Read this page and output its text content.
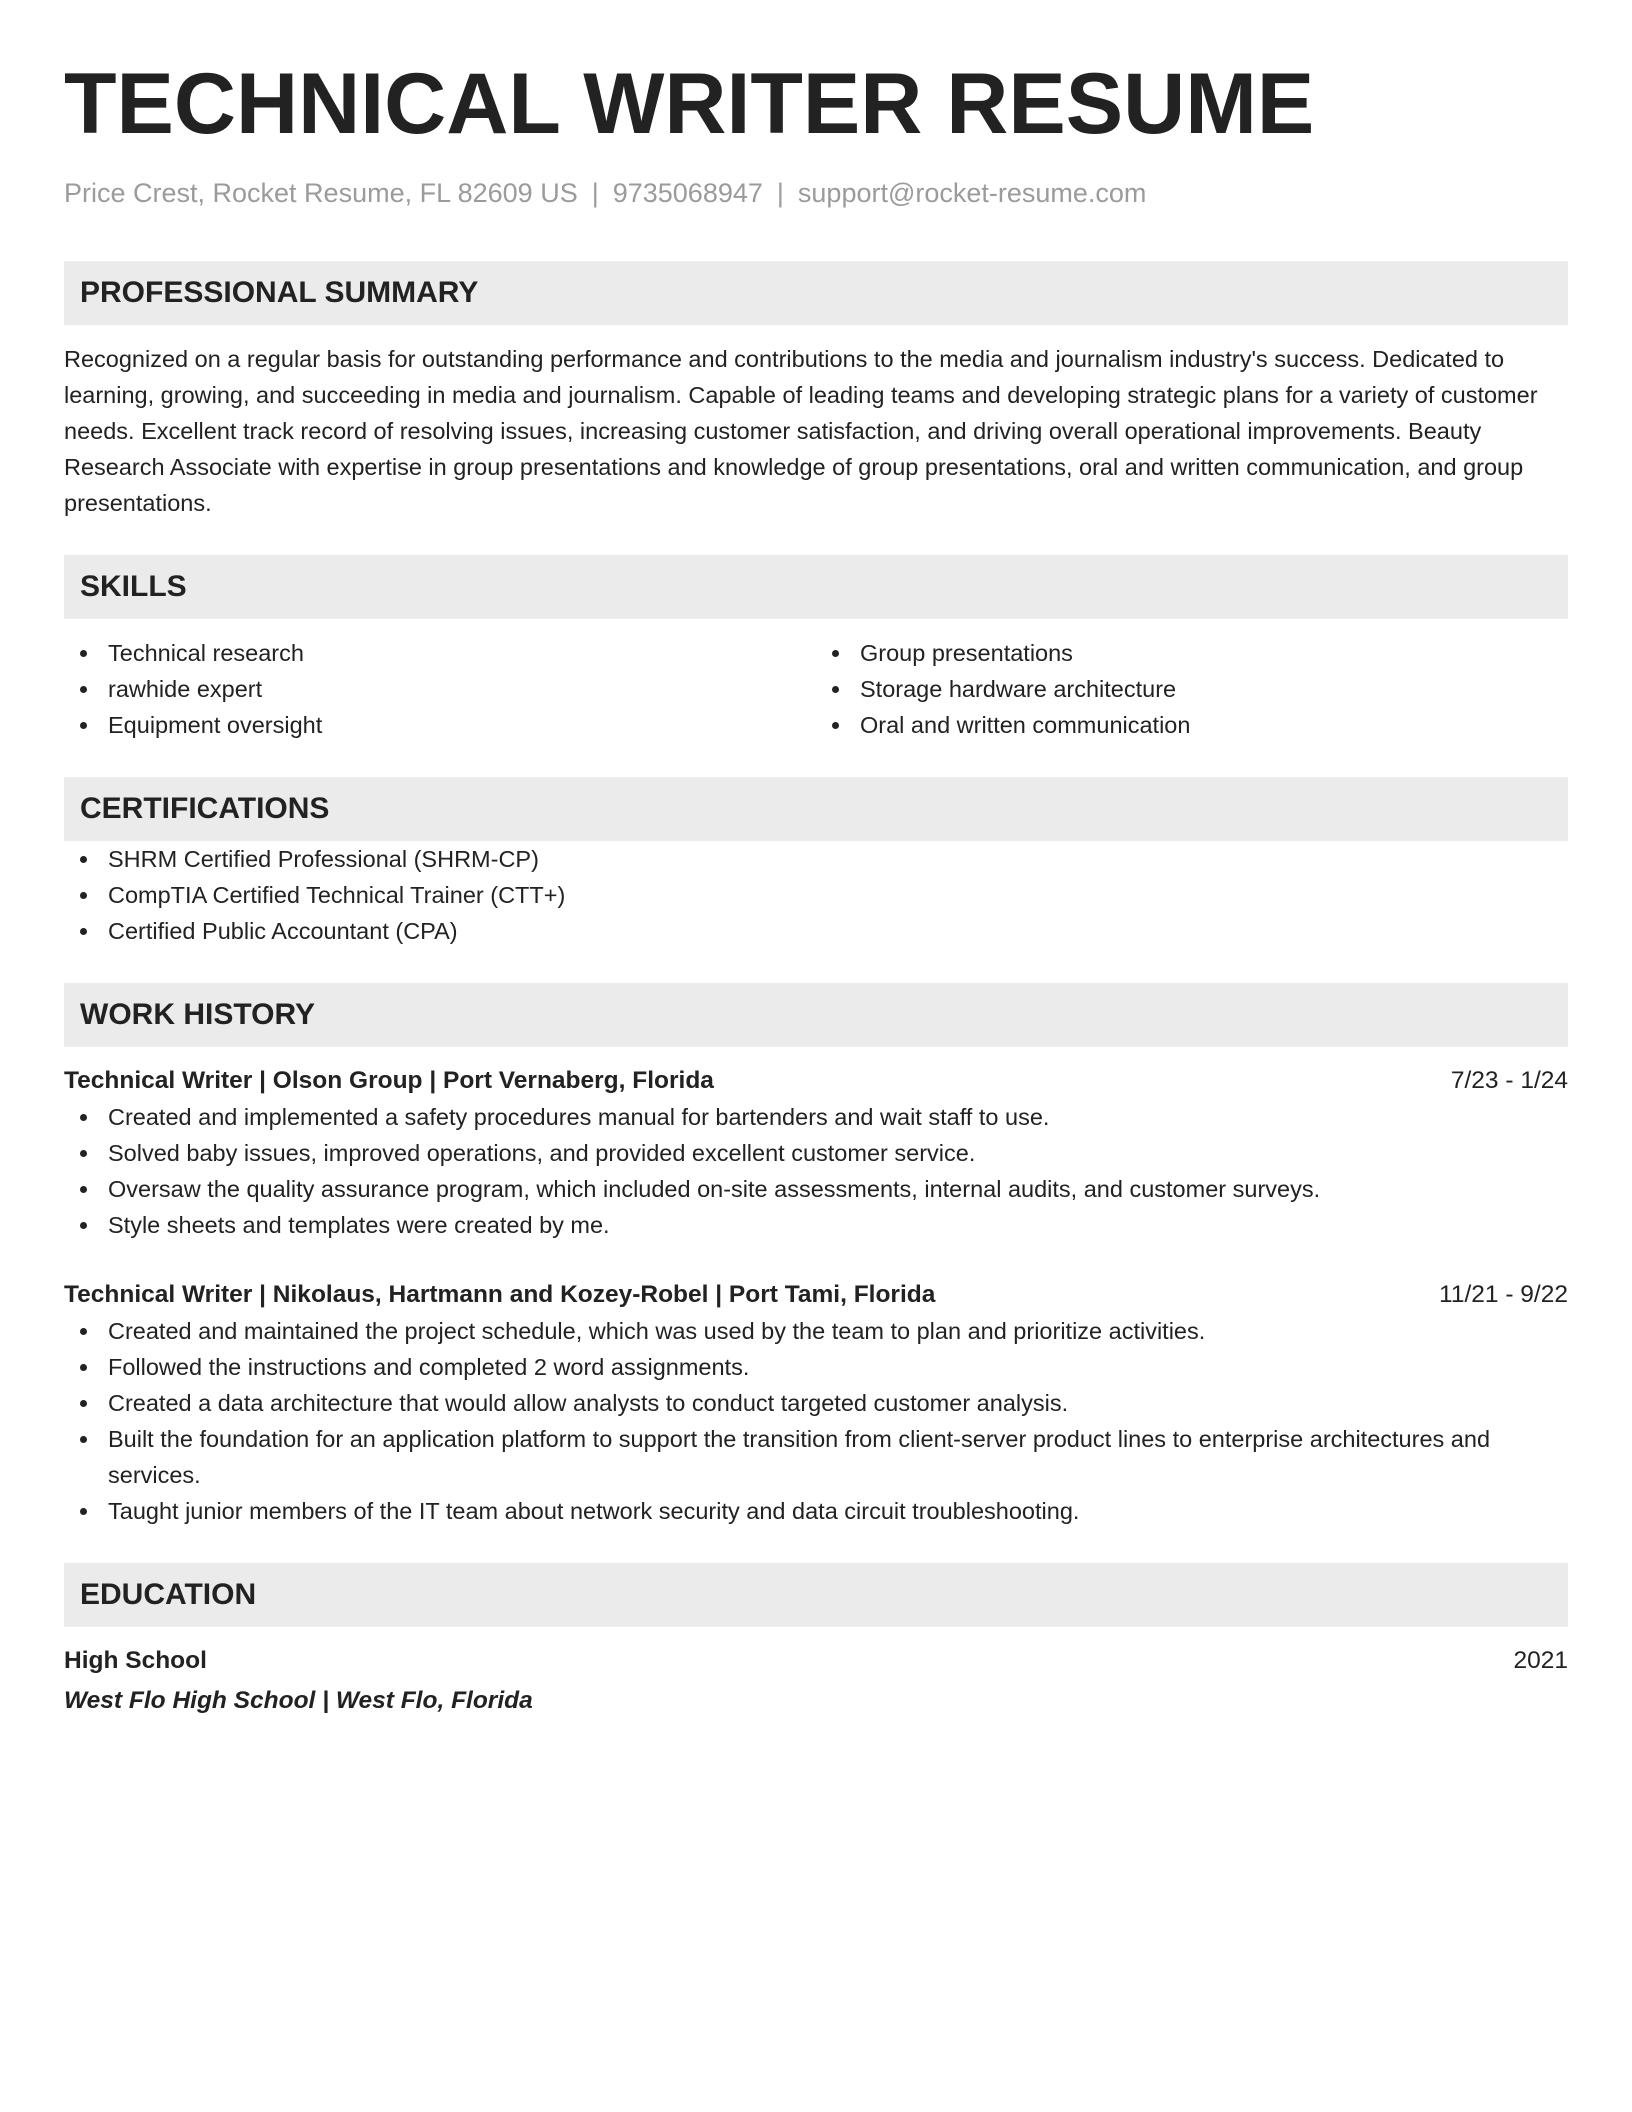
TECHNICAL WRITER RESUME
Price Crest, Rocket Resume, FL 82609 US | 9735068947 | support@rocket-resume.com
PROFESSIONAL SUMMARY

Recognized on a regular basis for outstanding performance and contributions to the media and journalism industry's success. Dedicated to learning, growing, and succeeding in media and journalism. Capable of leading teams and developing strategic plans for a variety of customer needs. Excellent track record of resolving issues, increasing customer satisfaction, and driving overall operational improvements. Beauty Research Associate with expertise in group presentations and knowledge of group presentations, oral and written communication, and group presentations.

SKILLS
Technical research
rawhide expert
Equipment oversight
Group presentations
Storage hardware architecture
Oral and written communication
CERTIFICATIONS
SHRM Certified Professional (SHRM-CP)
CompTIA Certified Technical Trainer (CTT+)
Certified Public Accountant (CPA)
WORK HISTORY
Technical Writer | Olson Group | Port Vernaberg, Florida	7/23 - 1/24
Created and implemented a safety procedures manual for bartenders and wait staff to use.
Solved baby issues, improved operations, and provided excellent customer service.
Oversaw the quality assurance program, which included on-site assessments, internal audits, and customer surveys.
Style sheets and templates were created by me.
Technical Writer | Nikolaus, Hartmann and Kozey-Robel | Port Tami, Florida	11/21 - 9/22
Created and maintained the project schedule, which was used by the team to plan and prioritize activities.
Followed the instructions and completed 2 word assignments.
Created a data architecture that would allow analysts to conduct targeted customer analysis.
Built the foundation for an application platform to support the transition from client-server product lines to enterprise architectures and services.
Taught junior members of the IT team about network security and data circuit troubleshooting.
EDUCATION
High School	2021
West Flo High School | West Flo, Florida
